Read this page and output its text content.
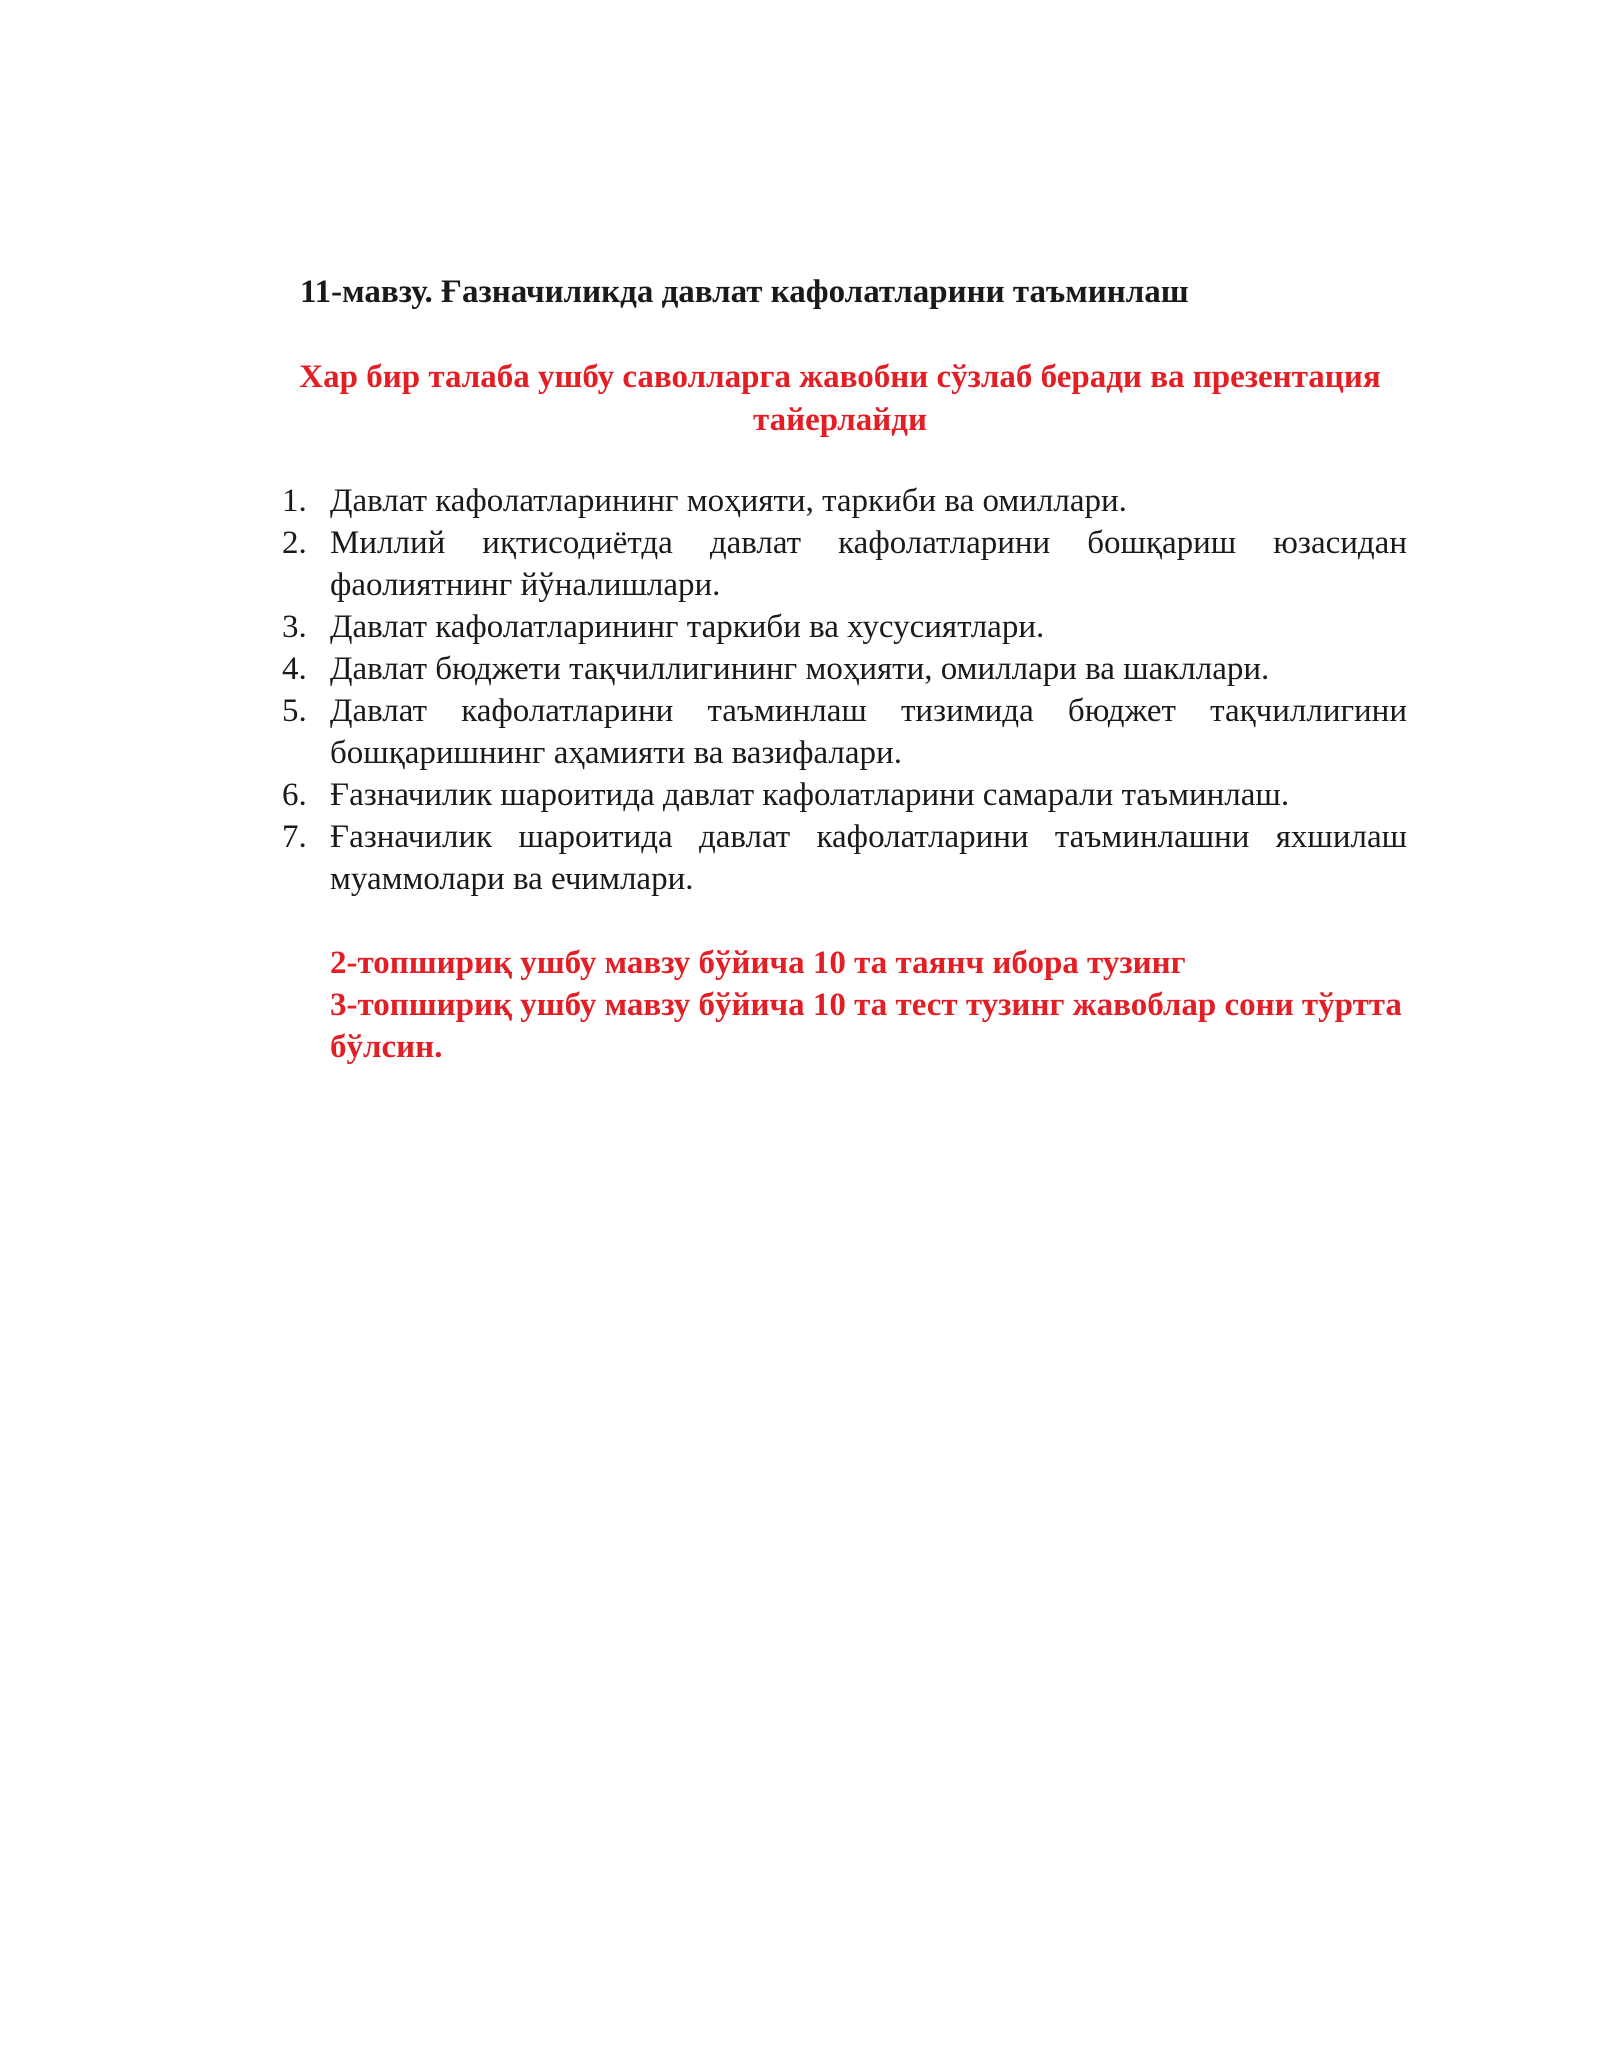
11-мавзу. Ғазначиликда давлат кафолатларини таъминлаш
Хар бир талаба ушбу саволларга жавобни сўзлаб беради ва презентация тайерлайди
1. Давлат кафолатларининг моҳияти, таркиби ва омиллари.
2. Миллий иқтисодиётда давлат кафолатларини бошқариш юзасидан фаолиятнинг йўналишлари.
3. Давлат кафолатларининг таркиби ва хусусиятлари.
4. Давлат бюджети тақчиллигининг моҳияти, омиллари ва шакллари.
5. Давлат кафолатларини таъминлаш тизимида бюджет тақчиллигини бошқаришнинг аҳамияти ва вазифалари.
6. Ғазначилик шароитида давлат кафолатларини самарали таъминлаш.
7. Ғазначилик шароитида давлат кафолатларини таъминлашни яхшилаш муаммолари ва ечимлари.
2-топшириқ ушбу мавзу бўйича 10 та таянч ибора тузинг
3-топшириқ ушбу мавзу бўйича 10 та тест тузинг жавоблар сони тўртта бўлсин.
